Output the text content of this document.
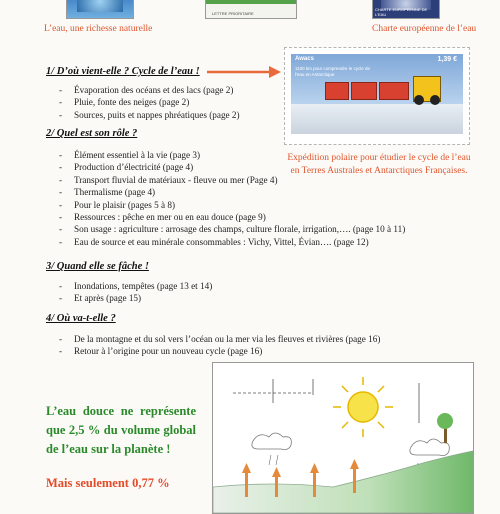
LETTRE PRIORITAIRE
CHARTE EUROPÉENNE DE L'EAU
L’eau, une richesse naturelle	Charte européenne de l’eau
Awacs
1100 km pour comprendre le cycle de l'eau en Antarctique
1,39 €
Expédition polaire pour étudier le cycle de l’eau en Terres Australes et Antarctiques Françaises.
1/ D’où vient-elle ? Cycle de l’eau !
- Évaporation des océans et des lacs (page 2)
- Pluie, fonte des neiges (page 2)
- Sources, puits et nappes phréatiques (page 2)
2/ Quel est son rôle ?
- Élément essentiel à la vie (page 3)
- Production d’électricité (page 4)
- Transport fluvial de matériaux - fleuve ou mer (Page 4)
- Thermalisme (page 4)
- Pour le plaisir (pages 5 à 8)
- Ressources : pêche en mer ou en eau douce (page 9)
- Son usage : agriculture : arrosage des champs, culture florale, irrigation,…. (page 10 à 11)
- Eau de source et eau minérale consommables : Vichy, Vittel, Évian…. (page 12)
3/ Quand elle se fâche !
- Inondations, tempêtes (page 13 et 14)
- Et après (page 15)
4/ Où va-t-elle ?
- De la montagne et du sol vers l’océan ou la mer via les fleuves et rivières (page 16)
- Retour à l’origine pour un nouveau cycle (page 16)
L’eau douce ne représente que 2,5 % du volume global de l’eau sur la planète !
Mais seulement 0,77 %
